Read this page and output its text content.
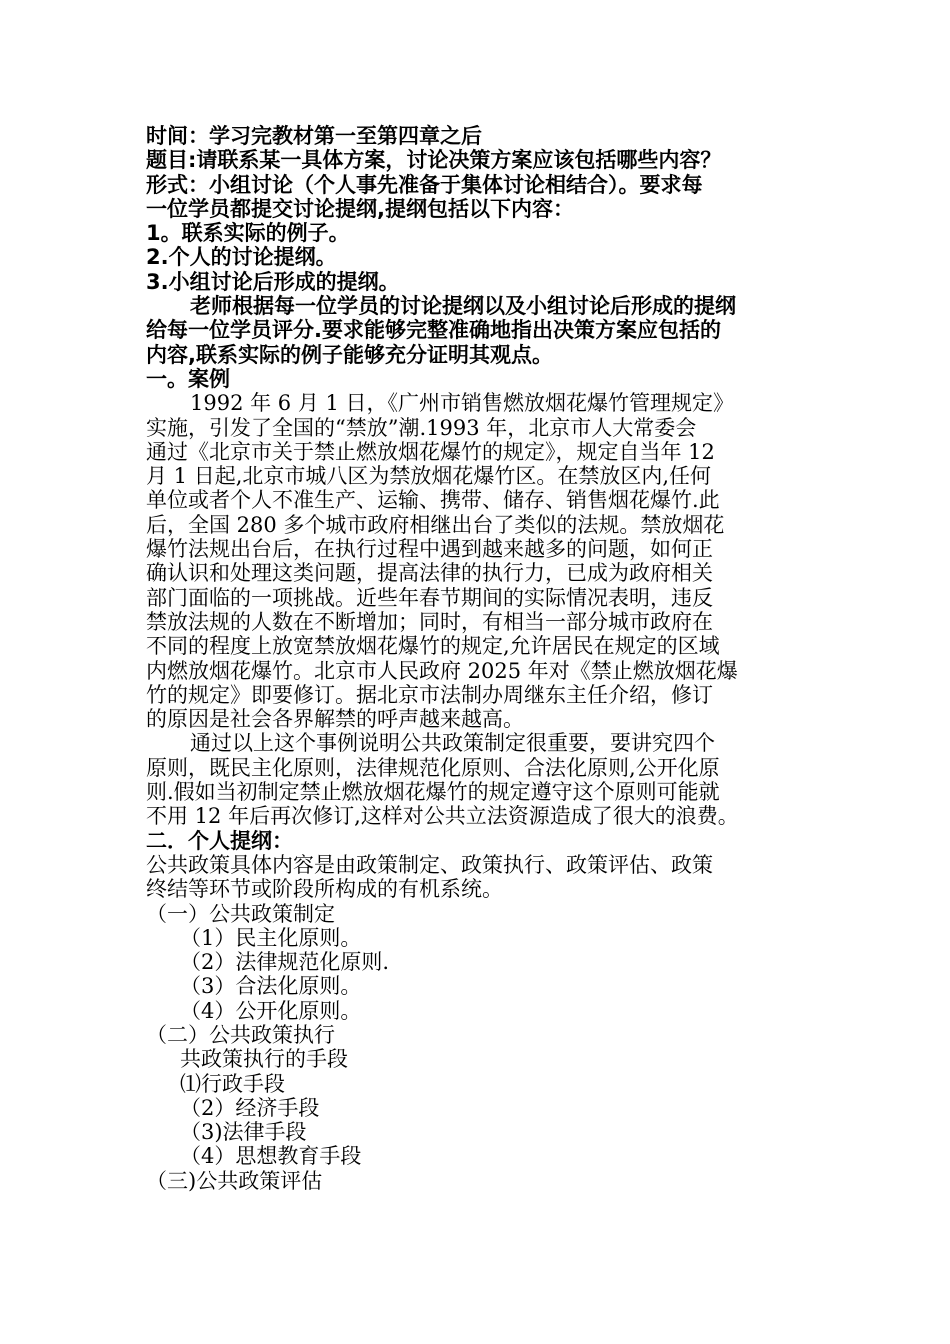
时间：学习完教材第一至第四章之后
题目:请联系某一具体方案，讨论决策方案应该包括哪些内容？
形式：小组讨论（个人事先准备于集体讨论相结合）。要求每
一位学员都提交讨论提纲,提纲包括以下内容：
1。联系实际的例子。
2.个人的讨论提纲。
3.小组讨论后形成的提纲。
老师根据每一位学员的讨论提纲以及小组讨论后形成的提纲
给每一位学员评分.要求能够完整准确地指出决策方案应包括的
内容,联系实际的例子能够充分证明其观点。
一。案例
1992 年 6 月 1 日，《广州市销售燃放烟花爆竹管理规定》
实施，引发了全国的“禁放”潮.1993 年，北京市人大常委会
通过《北京市关于禁止燃放烟花爆竹的规定》，规定自当年 12
月 1 日起,北京市城八区为禁放烟花爆竹区。在禁放区内,任何
单位或者个人不准生产、运输、携带、储存、销售烟花爆竹.此
后，全国 280 多个城市政府相继出台了类似的法规。禁放烟花
爆竹法规出台后，在执行过程中遇到越来越多的问题，如何正
确认识和处理这类问题，提高法律的执行力，已成为政府相关
部门面临的一项挑战。近些年春节期间的实际情况表明，违反
禁放法规的人数在不断增加；同时，有相当一部分城市政府在
不同的程度上放宽禁放烟花爆竹的规定,允许居民在规定的区域
内燃放烟花爆竹。北京市人民政府 2025 年对《禁止燃放烟花爆
竹的规定》即要修订。据北京市法制办周继东主任介绍，修订
的原因是社会各界解禁的呼声越来越高。
通过以上这个事例说明公共政策制定很重要，要讲究四个
原则，既民主化原则，法律规范化原则、合法化原则,公开化原
则.假如当初制定禁止燃放烟花爆竹的规定遵守这个原则可能就
不用 12 年后再次修订,这样对公共立法资源造成了很大的浪费。
二．个人提纲：
公共政策具体内容是由政策制定、政策执行、政策评估、政策
终结等环节或阶段所构成的有机系统。
（一）公共政策制定
（1）民主化原则。
（2）法律规范化原则.
（3）合法化原则。
（4）公开化原则。
（二）公共政策执行
共政策执行的手段
⑴行政手段
（2）经济手段
（3)法律手段
（4）思想教育手段
（三)公共政策评估
